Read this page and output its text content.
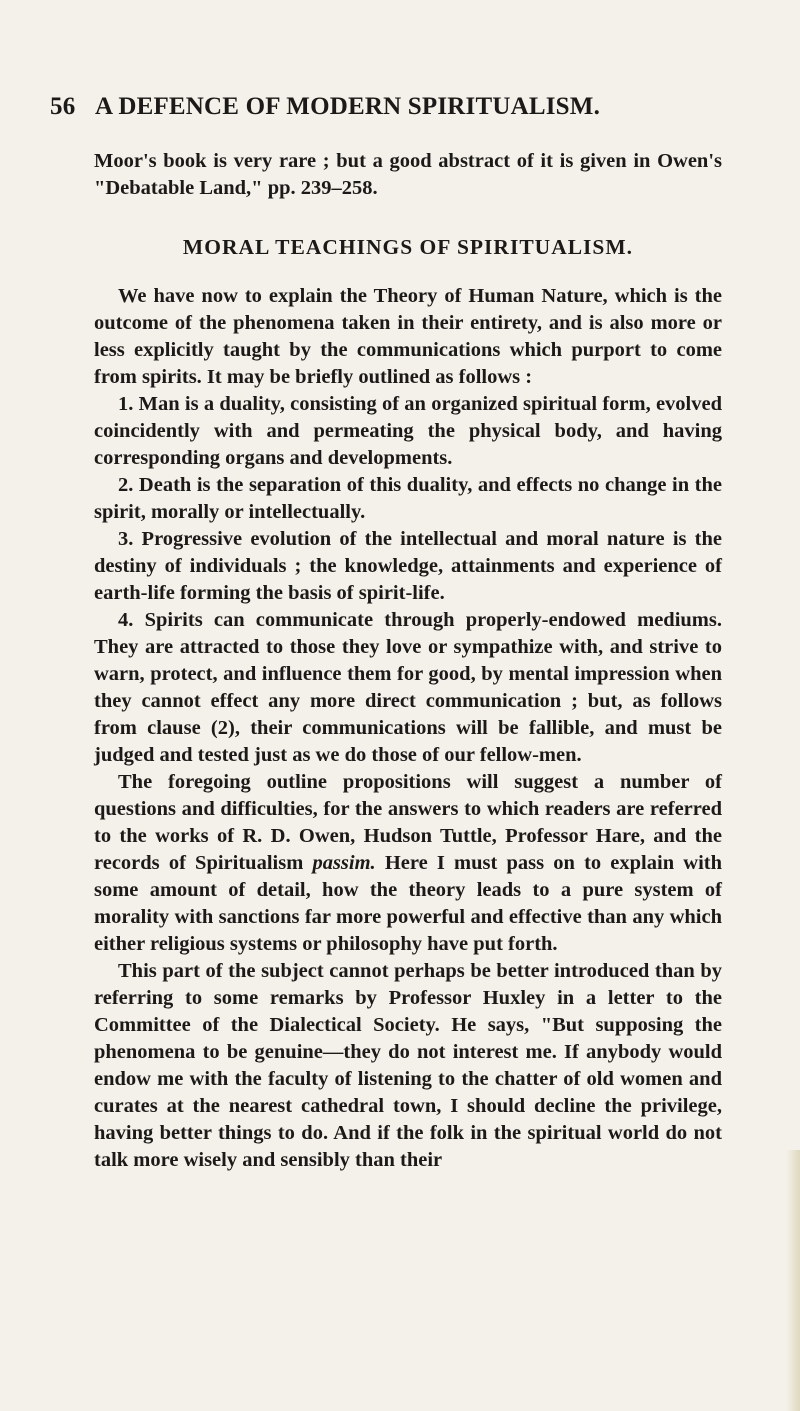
56 A DEFENCE OF MODERN SPIRITUALISM.

Moor's book is very rare ; but a good abstract of it is given in Owen's "Debatable Land," pp. 239–258.

MORAL TEACHINGS OF SPIRITUALISM.

We have now to explain the Theory of Human Nature, which is the outcome of the phenomena taken in their entirety, and is also more or less explicitly taught by the communications which purport to come from spirits. It may be briefly outlined as follows :

1. Man is a duality, consisting of an organized spiritual form, evolved coincidently with and permeating the physical body, and having corresponding organs and developments.

2. Death is the separation of this duality, and effects no change in the spirit, morally or intellectually.

3. Progressive evolution of the intellectual and moral nature is the destiny of individuals ; the knowledge, attainments and experience of earth-life forming the basis of spirit-life.

4. Spirits can communicate through properly-endowed mediums. They are attracted to those they love or sympathize with, and strive to warn, protect, and influence them for good, by mental impression when they cannot effect any more direct communication ; but, as follows from clause (2), their communications will be fallible, and must be judged and tested just as we do those of our fellow-men.

The foregoing outline propositions will suggest a number of questions and difficulties, for the answers to which readers are referred to the works of R. D. Owen, Hudson Tuttle, Professor Hare, and the records of Spiritualism passim. Here I must pass on to explain with some amount of detail, how the theory leads to a pure system of morality with sanctions far more powerful and effective than any which either religious systems or philosophy have put forth.

This part of the subject cannot perhaps be better introduced than by referring to some remarks by Professor Huxley in a letter to the Committee of the Dialectical Society. He says, "But supposing the phenomena to be genuine—they do not interest me. If anybody would endow me with the faculty of listening to the chatter of old women and curates at the nearest cathedral town, I should decline the privilege, having better things to do. And if the folk in the spiritual world do not talk more wisely and sensibly than their
